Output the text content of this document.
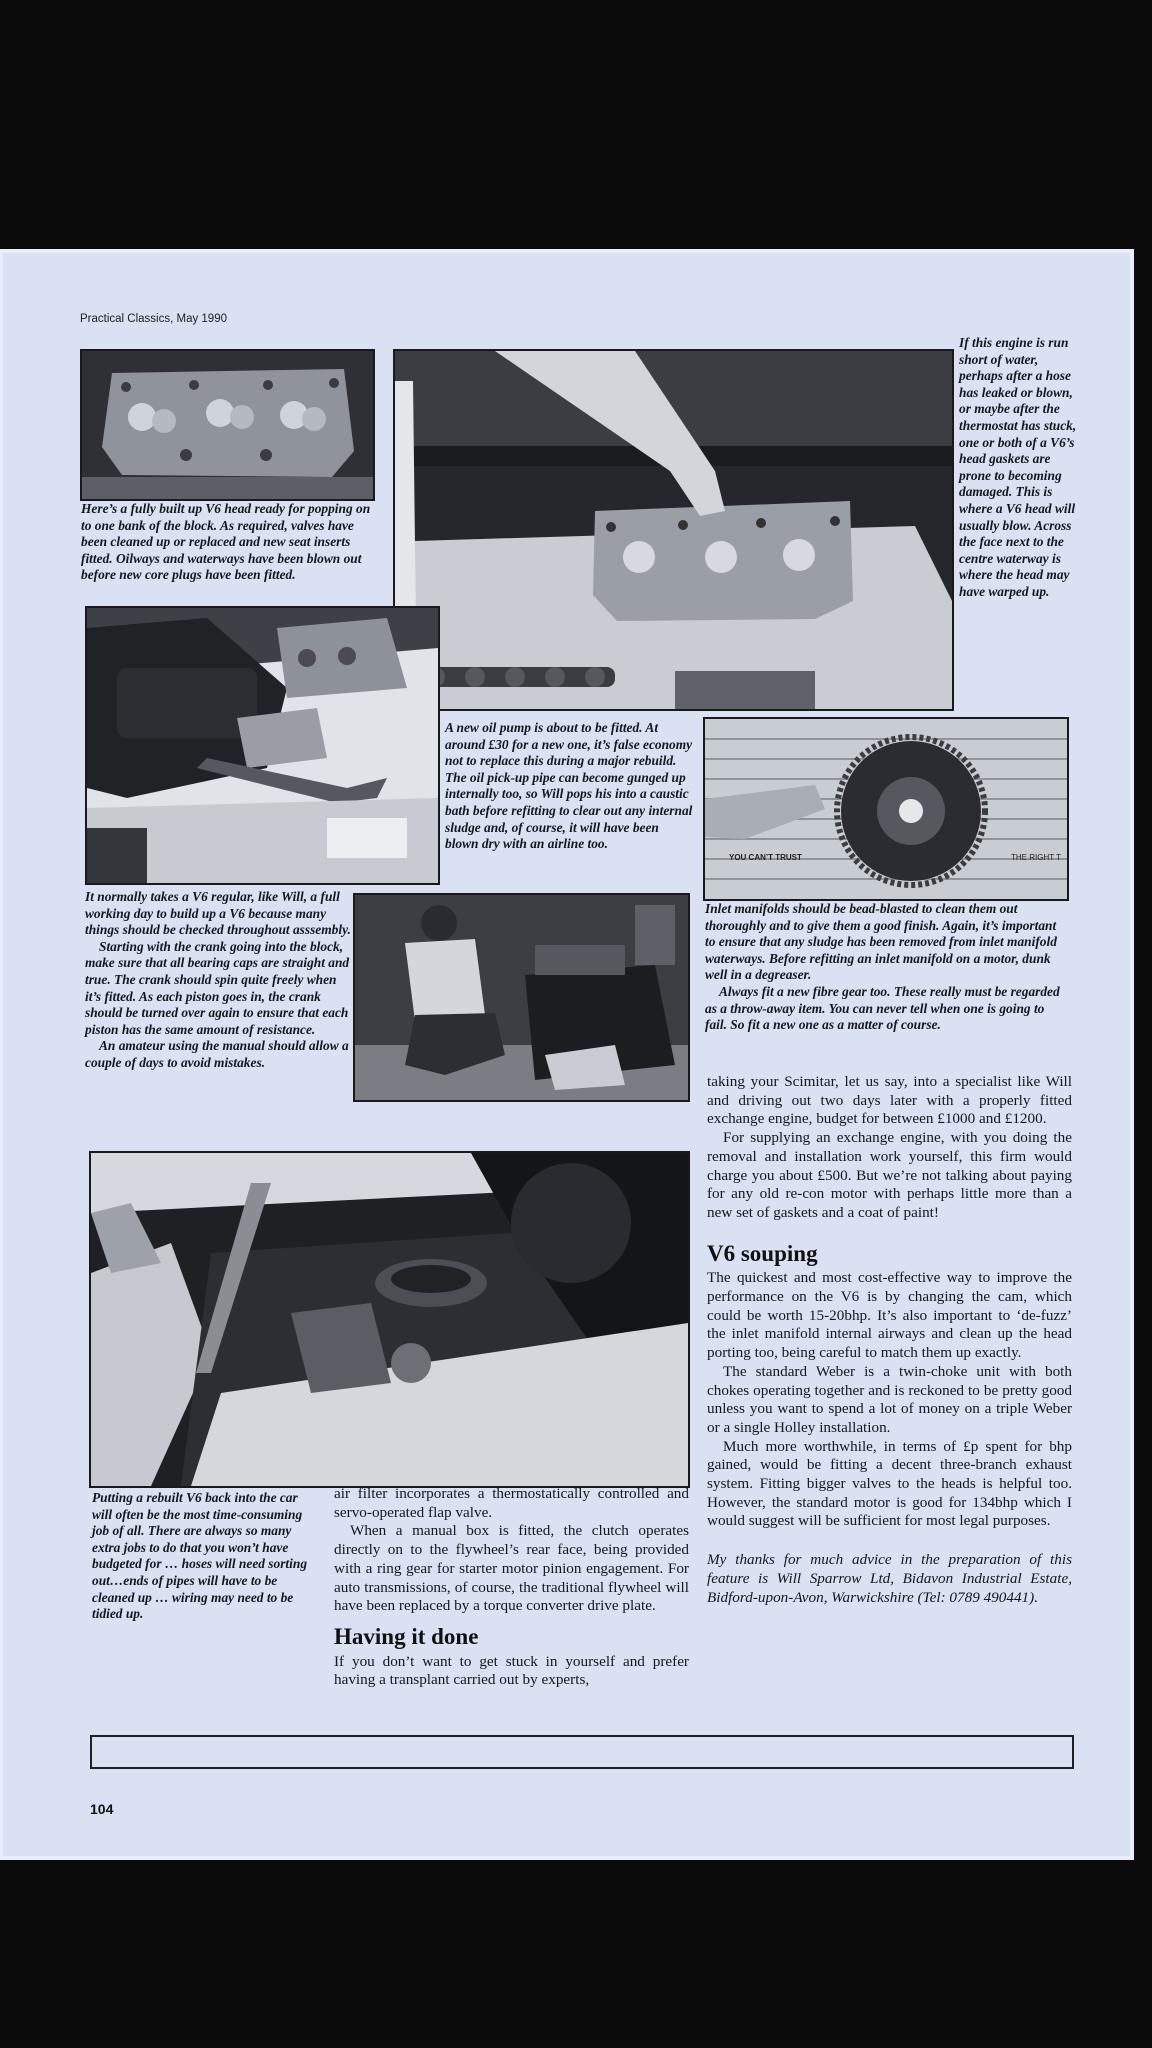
Practical Classics, May 1990
Here’s a fully built up V6 head ready for popping on to one bank of the block. As required, valves have been cleaned up or replaced and new seat inserts fitted. Oilways and waterways have been blown out before new core plugs have been fitted.
If this engine is run short of water, perhaps after a hose has leaked or blown, or maybe after the thermostat has stuck, one or both of a V6’s head gaskets are prone to becoming damaged. This is where a V6 head will usually blow. Across the face next to the centre waterway is where the head may have warped up.
A new oil pump is about to be fitted. At around £30 for a new one, it’s false economy not to replace this during a major rebuild. The oil pick-up pipe can become gunged up internally too, so Will pops his into a caustic bath before refitting to clear out any internal sludge and, of course, it will have been blown dry with an airline too.
YOU CAN’T TRUST	THE RIGHT T

Inlet manifolds should be bead-blasted to clean them out thoroughly and to give them a good finish. Again, it’s important to ensure that any sludge has been removed from inlet manifold waterways. Before refitting an inlet manifold on a motor, dunk well in a degreaser.

Always fit a new fibre gear too. These really must be regarded as a throw-away item. You can never tell when one is going to fail. So fit a new one as a matter of course.

It normally takes a V6 regular, like Will, a full working day to build up a V6 because many things should be checked throughout asssembly.

Starting with the crank going into the block, make sure that all bearing caps are straight and true. The crank should spin quite freely when it’s fitted. As each piston goes in, the crank should be turned over again to ensure that each piston has the same amount of resistance.

An amateur using the manual should allow a couple of days to avoid mistakes.

Putting a rebuilt V6 back into the car will often be the most time-consuming job of all. There are always so many extra jobs to do that you won’t have budgeted for … hoses will need sorting out…ends of pipes will have to be cleaned up … wiring may need to be tidied up.

air filter incorporates a thermostatically controlled and servo-operated flap valve.

When a manual box is fitted, the clutch operates directly on to the flywheel’s rear face, being provided with a ring gear for starter motor pinion engagement. For auto transmissions, of course, the traditional flywheel will have been replaced by a torque converter drive plate.

Having it done

If you don’t want to get stuck in yourself and prefer having a transplant carried out by experts,

taking your Scimitar, let us say, into a specialist like Will and driving out two days later with a properly fitted exchange engine, budget for between £1000 and £1200.

For supplying an exchange engine, with you doing the removal and installation work yourself, this firm would charge you about £500. But we’re not talking about paying for any old re-con motor with perhaps little more than a new set of gaskets and a coat of paint!

V6 souping

The quickest and most cost-effective way to improve the performance on the V6 is by changing the cam, which could be worth 15-20bhp. It’s also important to ‘de-fuzz’ the inlet manifold internal airways and clean up the head porting too, being careful to match them up exactly.

The standard Weber is a twin-choke unit with both chokes operating together and is reckoned to be pretty good unless you want to spend a lot of money on a triple Weber or a single Holley installation.

Much more worthwhile, in terms of £p spent for bhp gained, would be fitting a decent three-branch exhaust system. Fitting bigger valves to the heads is helpful too. However, the standard motor is good for 134bhp which I would suggest will be sufficient for most legal purposes.

My thanks for much advice in the preparation of this feature is Will Sparrow Ltd, Bidavon Industrial Estate, Bidford-upon-Avon, Warwickshire (Tel: 0789 490441).

104
